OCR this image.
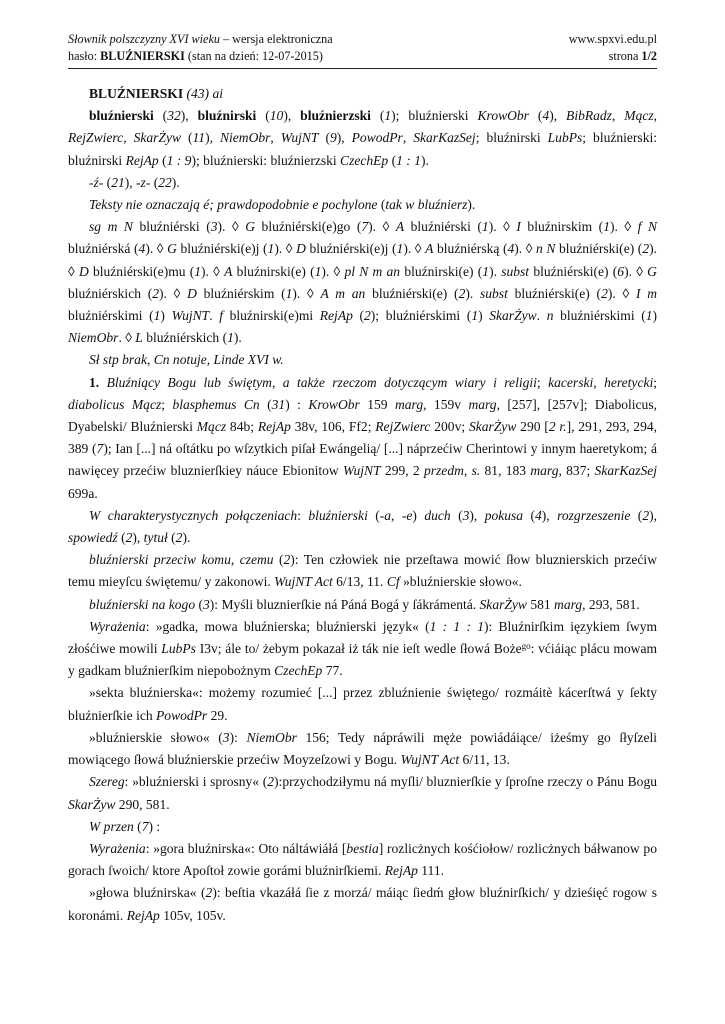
Słownik polszczyzny XVI wieku – wersja elektroniczna	www.spxvi.edu.pl
hasło: BLUŹNIERSKI (stan na dzień: 12-07-2015)	strona 1/2

BLUŹNIERSKI (43) ai

bluźnierski (32), bluźnirski (10), bluźnierzski (1); bluźnierski KrowObr (4), BibRadz, Mącz, RejZwierc, SkarŻyw (11), NiemObr, WujNT (9), PowodPr, SkarKazSej; bluźnirski LubPs; bluźnierski: bluźnirski RejAp (1 : 9); bluźnierski: bluźnierzski CzechEp (1 : 1).

-ź- (21), -z- (22).

Teksty nie oznaczają é; prawdopodobnie e pochylone (tak w bluźnierz).

sg m N bluźniérski (3). ◊ G bluźniérski(e)go (7). ◊ A bluźniérski (1). ◊ I bluźnirskim (1). ◊ f N bluźniérská (4). ◊ G bluźniérski(e)j (1). ◊ D bluźniérski(e)j (1). ◊ A bluźniérską (4). ◊ n N bluźniérski(e) (2). ◊ D bluźniérski(e)mu (1). ◊ A bluźnirski(e) (1). ◊ pl N m an bluźnirski(e) (1). subst bluźniérski(e) (6). ◊ G bluźniérskich (2). ◊ D bluźniérskim (1). ◊ A m an bluźniérski(e) (2). subst bluźniérski(e) (2). ◊ I m bluźniérskimi (1) WujNT. f bluźnirski(e)mi RejAp (2); bluźniérskimi (1) SkarŻyw. n bluźniérskimi (1) NiemObr. ◊ L bluźniérskich (1).

Sł stp brak, Cn notuje, Linde XVI w.

1. Bluźniący Bogu lub świętym, a także rzeczom dotyczącym wiary i religii; kacerski, heretycki; diabolicus Mącz; blasphemus Cn (31) : KrowObr 159 marg, 159v marg, [257], [257v]; Diabolicus, Dyabelski/ Bluźnierski Mącz 84b; RejAp 38v, 106, Ff2; RejZwierc 200v; SkarŻyw 290 [2 r.], 291, 293, 294, 389 (7); Ian [...] ná oſtátku po wſzytkich piſał Ewángelią/ [...] náprzećiw Cherintowi y innym haeretykom; á nawięcey przećiw bluznierſkiey náuce Ebionitow WujNT 299, 2 przedm, s. 81, 183 marg, 837; SkarKazSej 699a.

W charakterystycznych połączeniach: bluźnierski (-a, -e) duch (3), pokusa (4), rozgrzeszenie (2), spowiedź (2), tytuł (2).

bluźnierski przeciw komu, czemu (2): Ten człowiek nie przeſtawa mowić ſłow bluznierskich przećiw temu mieyſcu świętemu/ y zakonowi. WujNT Act 6/13, 11. Cf »bluźnierskie słowo«.

bluźnierski na kogo (3): Myśli bluznierſkie ná Páná Bogá y ſákrámentá. SkarŻyw 581 marg, 293, 581.

Wyrażenia: »gadka, mowa bluźnierska; bluźnierski język« (1 : 1 : 1): Bluźnirſkim ięzykiem ſwym złośćiwe mowili LubPs I3v; ále to/ żebym pokazał iż ták nie ieſt wedle ſłowá Boże$^{go}$: vćiáiąc plácu mowam y gadkam bluźnierſkim niepobożnym CzechEp 77.

»sekta bluźnierska«: możemy rozumieć [...] przez zbluźnienie świętego/ rozmáitè kácerſtwá y ſekty bluźnierſkie ich PowodPr 29.

»bluźnierskie słowo« (3): NiemObr 156; Tedy nápráwili męże powiádáiące/ iżeśmy go ſłyſzeli mowiącego ſłowá bluźnierskie przećiw Moyzeſzowi y Bogu. WujNT Act 6/11, 13.

Szereg: »bluźnierski i sprosny« (2):przychodziłymu ná myſli/ bluznierſkie y ſproſne rzeczy o Pánu Bogu SkarŻyw 290, 581.

W przen (7) :

Wyrażenia: »gora bluźnirska«: Oto náltáwiáłá [bestia] rozlicżnych kośćiołow/ rozlicżnych báłwanow po gorach ſwoich/ ktore Apoſtoł zowie gorámi bluźnirſkiemi. RejAp 111.

»głowa bluźnirska« (2): beſtia vkazáłá ſie z morzá/ máiąc ſiedḿ głow bluźnirſkich/ y dzieśięć rogow s koronámi. RejAp 105v, 105v.
